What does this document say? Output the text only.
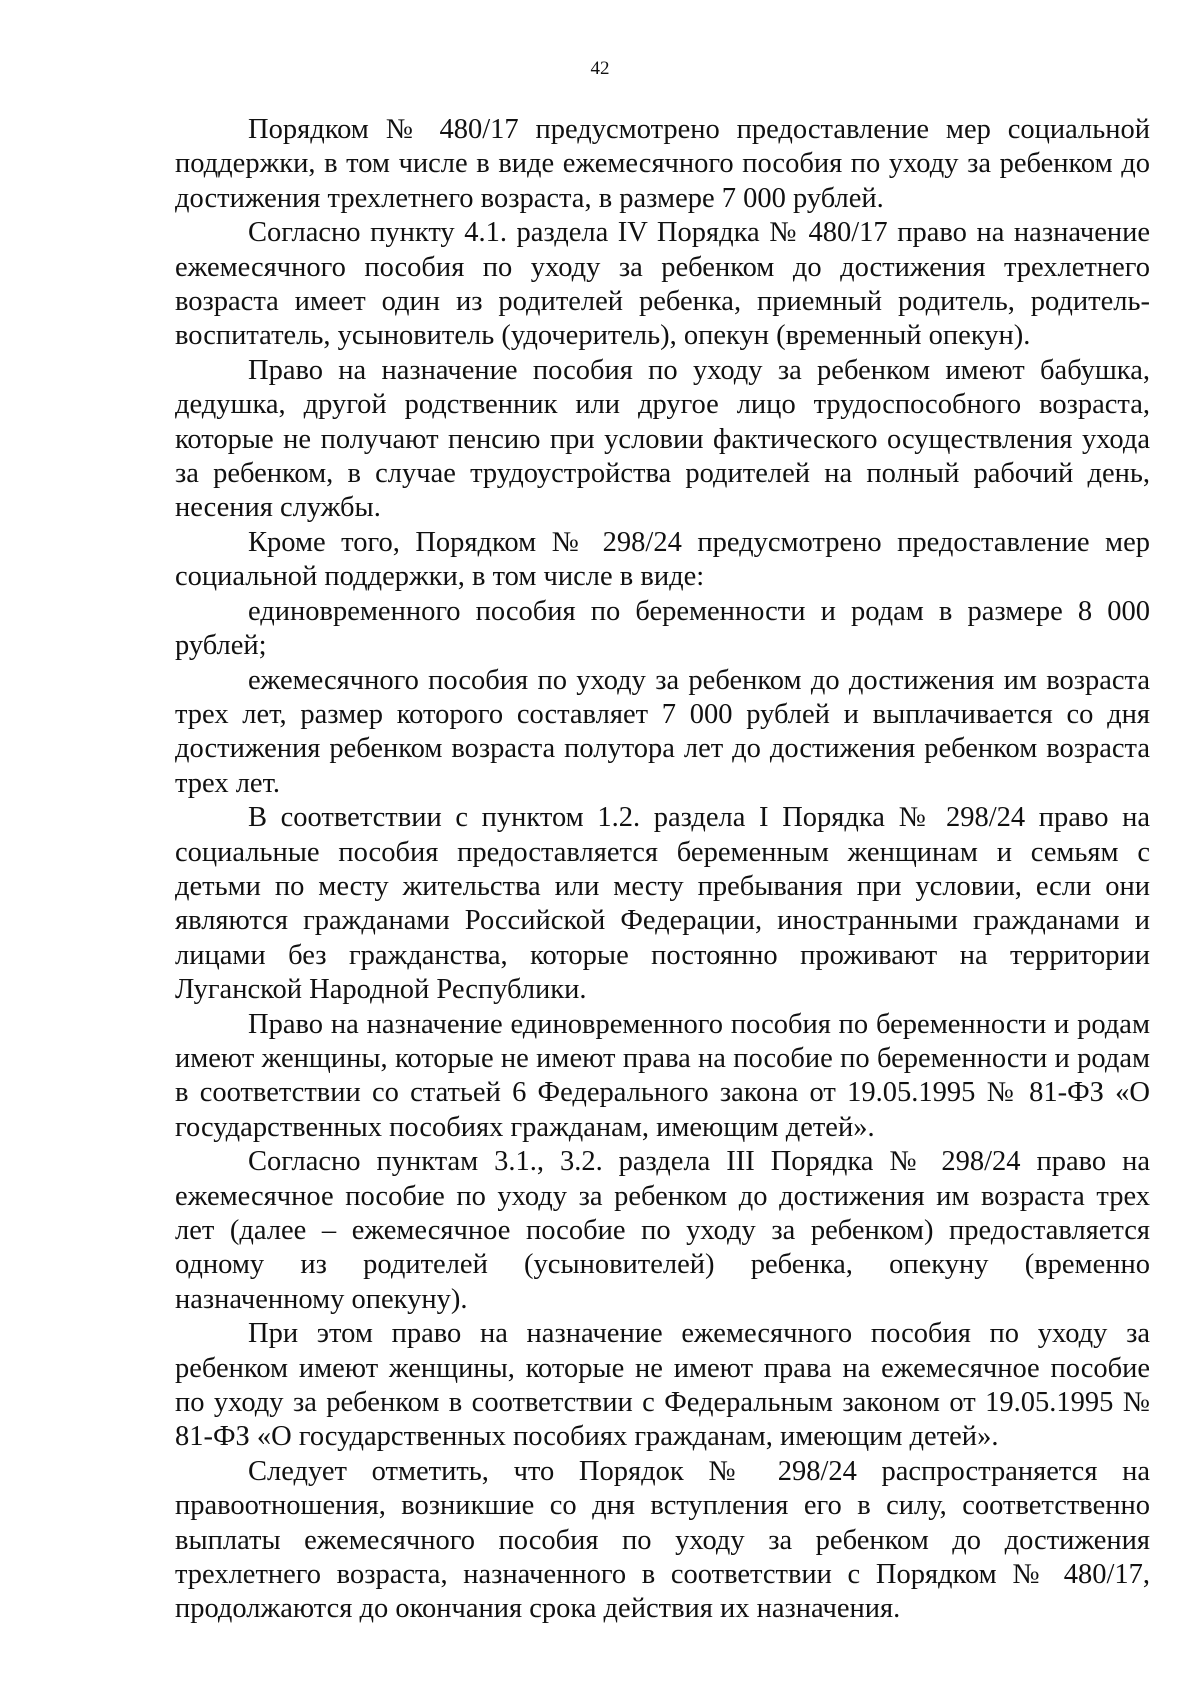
42

Порядком № 480/17 предусмотрено предоставление мер социальной поддержки, в том числе в виде ежемесячного пособия по уходу за ребенком до достижения трехлетнего возраста, в размере 7 000 рублей.

Согласно пункту 4.1. раздела IV Порядка № 480/17 право на назначение ежемесячного пособия по уходу за ребенком до достижения трехлетнего возраста имеет один из родителей ребенка, приемный родитель, родитель-воспитатель, усыновитель (удочеритель), опекун (временный опекун).

Право на назначение пособия по уходу за ребенком имеют бабушка, дедушка, другой родственник или другое лицо трудоспособного возраста, которые не получают пенсию при условии фактического осуществления ухода за ребенком, в случае трудоустройства родителей на полный рабочий день, несения службы.

Кроме того, Порядком № 298/24 предусмотрено предоставление мер социальной поддержки, в том числе в виде:

единовременного пособия по беременности и родам в размере 8 000 рублей;

ежемесячного пособия по уходу за ребенком до достижения им возраста трех лет, размер которого составляет 7 000 рублей и выплачивается со дня достижения ребенком возраста полутора лет до достижения ребенком возраста трех лет.

В соответствии с пунктом 1.2. раздела I Порядка № 298/24 право на социальные пособия предоставляется беременным женщинам и семьям с детьми по месту жительства или месту пребывания при условии, если они являются гражданами Российской Федерации, иностранными гражданами и лицами без гражданства, которые постоянно проживают на территории Луганской Народной Республики.

Право на назначение единовременного пособия по беременности и родам имеют женщины, которые не имеют права на пособие по беременности и родам в соответствии со статьей 6 Федерального закона от 19.05.1995 № 81-ФЗ «О государственных пособиях гражданам, имеющим детей».

Согласно пунктам 3.1., 3.2. раздела III Порядка № 298/24 право на ежемесячное пособие по уходу за ребенком до достижения им возраста трех лет (далее – ежемесячное пособие по уходу за ребенком) предоставляется одному из родителей (усыновителей) ребенка, опекуну (временно назначенному опекуну).

При этом право на назначение ежемесячного пособия по уходу за ребенком имеют женщины, которые не имеют права на ежемесячное пособие по уходу за ребенком в соответствии с Федеральным законом от 19.05.1995 № 81-ФЗ «О государственных пособиях гражданам, имеющим детей».

Следует отметить, что Порядок № 298/24 распространяется на правоотношения, возникшие со дня вступления его в силу, соответственно выплаты ежемесячного пособия по уходу за ребенком до достижения трехлетнего возраста, назначенного в соответствии с Порядком № 480/17, продолжаются до окончания срока действия их назначения.
